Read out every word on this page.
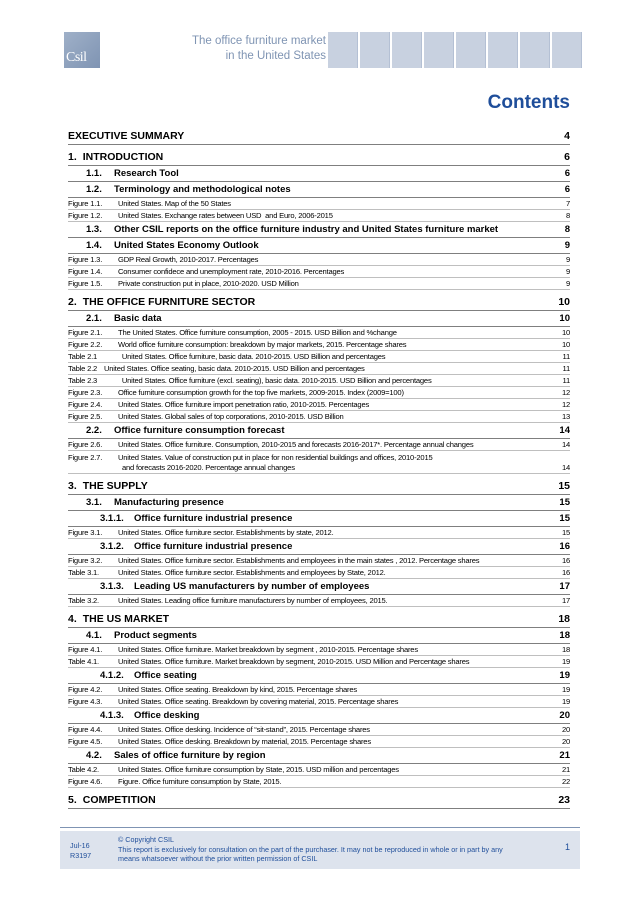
Csil
The office furniture market
in the United States
Contents
EXECUTIVE SUMMARY	4
1. INTRODUCTION	6
1.1. Research Tool	6
1.2. Terminology and methodological notes	6
Figure 1.1. United States. Map of the 50 States	7
Figure 1.2. United States. Exchange rates between USD  and Euro, 2006-2015	8
1.3. Other CSIL reports on the office furniture industry and United States furniture market	8
1.4. United States Economy Outlook	9
Figure 1.3. GDP Real Growth, 2010-2017. Percentages	9
Figure 1.4. Consumer confidece and unemployment rate, 2010-2016. Percentages	9
Figure 1.5. Private construction put in place, 2010-2020. USD Million	9
2. THE OFFICE FURNITURE SECTOR	10
2.1. Basic data	10
Figure 2.1. The United States. Office furniture consumption, 2005 - 2015. USD Billion and %change	10
Figure 2.2. World office furniture consumption: breakdown by major markets, 2015. Percentage shares	10
Table 2.1	United States. Office furniture, basic data. 2010-2015. USD Billion and percentages	11
Table 2.2 United States. Office seating, basic data. 2010-2015. USD Billion and percentages	11
Table 2.3	United States. Office furniture (excl. seating), basic data. 2010-2015. USD Billion and percentages	11
Figure 2.3. Office furniture consumption growth for the top five markets, 2009-2015. Index (2009=100)	12
Figure 2.4. United States. Office furniture import penetration ratio, 2010-2015. Percentages	12
Figure 2.5. United States. Global sales of top corporations, 2010-2015. USD Billion	13
2.2. Office furniture consumption forecast	14
Figure 2.6. United States. Office furniture. Consumption, 2010-2015 and forecasts 2016-2017*. Percentage annual changes	14
Figure 2.7. United States. Value of construction put in place for non residential buildings and offices, 2010-2015
and forecasts 2016-2020. Percentage annual changes	14
3. THE SUPPLY	15
3.1. Manufacturing presence	15
3.1.1. Office furniture industrial presence	15
Figure 3.1. United States. Office furniture sector. Establishments by state, 2012.	15
3.1.2. Office furniture industrial presence	16
Figure 3.2. United States. Office furniture sector. Establishments and employees in the main states , 2012. Percentage shares	16
Table 3.1.	United States. Office furniture sector. Establishments and employees by State, 2012.	16
3.1.3. Leading US manufacturers by number of employees	17
Table 3.2.	United States. Leading office furniture manufacturers by number of employees, 2015.	17
4. THE US MARKET	18
4.1. Product segments	18
Figure 4.1. United States. Office furniture. Market breakdown by segment , 2010-2015. Percentage shares	18
Table 4.1.	United States. Office furniture. Market breakdown by segment, 2010-2015. USD Million and Percentage shares	19
4.1.2. Office seating	19
Figure 4.2. United States. Office seating. Breakdown by kind, 2015. Percentage shares	19
Figure 4.3. United States. Office seating. Breakdown by covering material, 2015. Percentage shares	19
4.1.3. Office desking	20
Figure 4.4. United States. Office desking. Incidence of “sit-stand”, 2015. Percentage shares	20
Figure 4.5. United States. Office desking. Breakdown by material, 2015. Percentage shares	20
4.2. Sales of office furniture by region	21
Table 4.2.	United States. Office furniture consumption by State, 2015. USD million and percentages	21
Figure 4.6. Figure. Office furniture consumption by State, 2015.	22
5. COMPETITION	23
Jul-16
R3197
© Copyright CSIL
This report is exclusively for consultation on the part of the purchaser. It may not be reproduced in whole or in part by any means whatsoever without the prior written permission of CSIL
1
